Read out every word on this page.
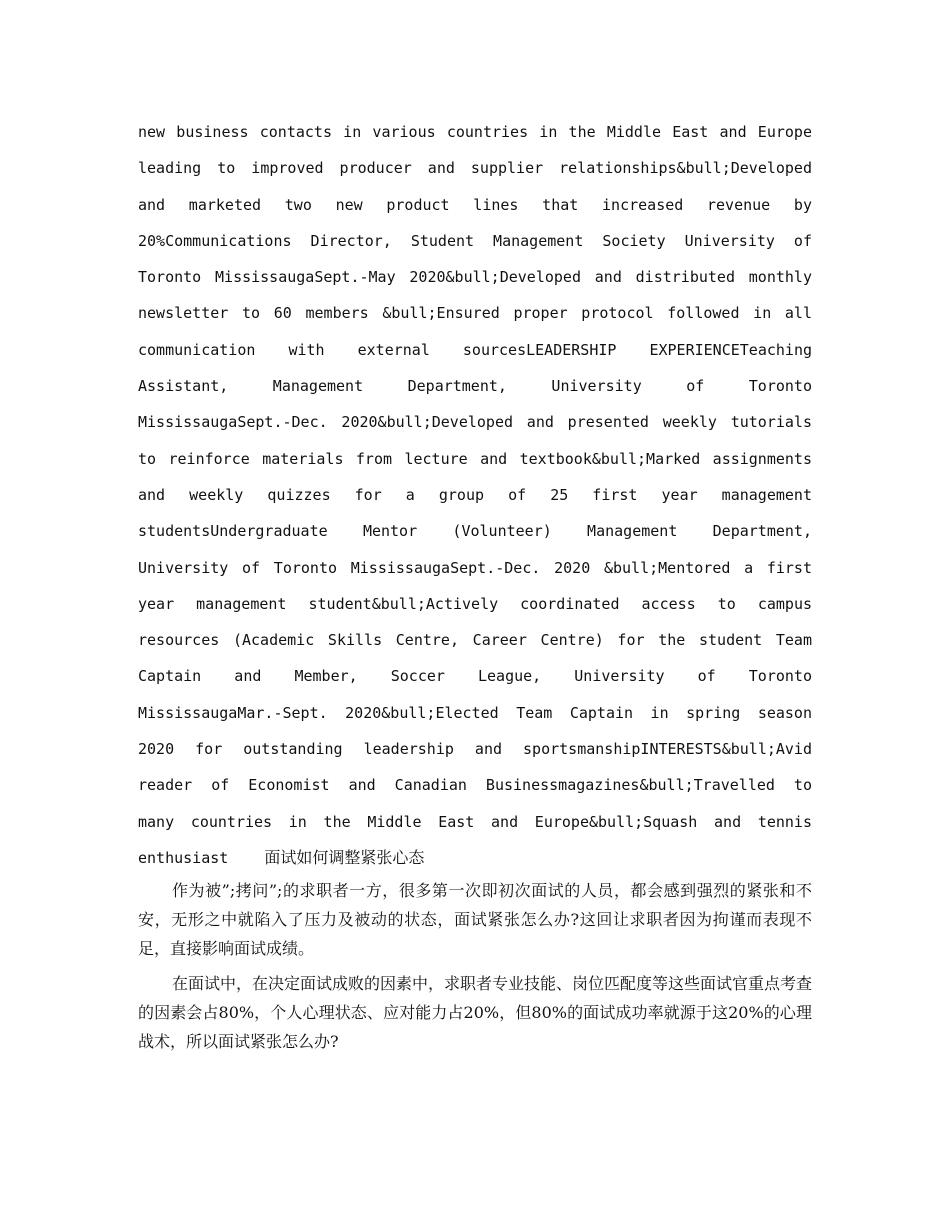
new business contacts in various countries in the Middle East and Europe
leading to improved producer and supplier relationships&bull;Developed
and marketed two new product lines that increased revenue by
20%Communications Director, Student Management Society University of
Toronto MississaugaSept.-May 2020&bull;Developed and distributed monthly
newsletter to 60 members &bull;Ensured proper protocol followed in all
communication with external sourcesLEADERSHIP EXPERIENCETeaching
Assistant, Management Department, University of Toronto
MississaugaSept.-Dec. 2020&bull;Developed and presented weekly tutorials
to reinforce materials from lecture and textbook&bull;Marked assignments
and weekly quizzes for a group of 25 first year management
studentsUndergraduate Mentor (Volunteer) Management Department,
University of Toronto MississaugaSept.-Dec. 2020 &bull;Mentored a first
year management student&bull;Actively coordinated access to campus
resources (Academic Skills Centre, Career Centre) for the student Team
Captain and Member, Soccer League, University of Toronto
MississaugaMar.-Sept. 2020&bull;Elected Team Captain in spring season
2020 for outstanding leadership and sportsmanshipINTERESTS&bull;Avid
reader of Economist and Canadian Businessmagazines&bull;Travelled to
many countries in the Middle East and Europe&bull;Squash and tennis
enthusiast 面试如何调整紧张心态

作为被”;拷问”;的求职者一方，很多第一次即初次面试的人员，都会感到强烈的紧张和不安，无形之中就陷入了压力及被动的状态，面试紧张怎么办?这回让求职者因为拘谨而表现不足，直接影响面试成绩。

在面试中，在决定面试成败的因素中，求职者专业技能、岗位匹配度等这些面试官重点考查的因素会占80%，个人心理状态、应对能力占20%，但80%的面试成功率就源于这20%的心理战术，所以面试紧张怎么办?
